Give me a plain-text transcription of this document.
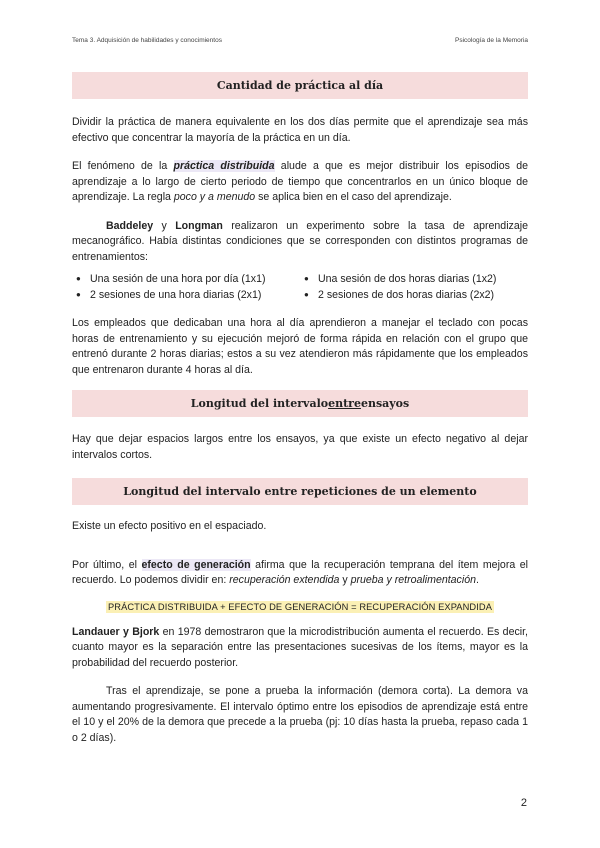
Tema 3. Adquisición de habilidades y conocimientos	Psicología de la Memoria
Cantidad de práctica al día

Dividir la práctica de manera equivalente en los dos días permite que el aprendizaje sea más efectivo que concentrar la mayoría de la práctica en un día.

El fenómeno de la práctica distribuida alude a que es mejor distribuir los episodios de aprendizaje a lo largo de cierto periodo de tiempo que concentrarlos en un único bloque de aprendizaje. La regla poco y a menudo se aplica bien en el caso del aprendizaje.

Baddeley y Longman realizaron un experimento sobre la tasa de aprendizaje mecanográfico. Había distintas condiciones que se corresponden con distintos programas de entrenamientos:

● Una sesión de una hora por día (1x1)	● Una sesión de dos horas diarias (1x2)
● 2 sesiones de una hora diarias (2x1)	● 2 sesiones de dos horas diarias (2x2)

Los empleados que dedicaban una hora al día aprendieron a manejar el teclado con pocas horas de entrenamiento y su ejecución mejoró de forma rápida en relación con el grupo que entrenó durante 2 horas diarias; estos a su vez atendieron más rápidamente que los empleados que entrenaron durante 4 horas al día.

Longitud del intervalo entre ensayos

Hay que dejar espacios largos entre los ensayos, ya que existe un efecto negativo al dejar intervalos cortos.

Longitud del intervalo entre repeticiones de un elemento

Existe un efecto positivo en el espaciado.

Por último, el efecto de generación afirma que la recuperación temprana del ítem mejora el recuerdo. Lo podemos dividir en: recuperación extendida y prueba y retroalimentación.

PRÁCTICA DISTRIBUIDA + EFECTO DE GENERACIÓN = RECUPERACIÓN EXPANDIDA

Landauer y Bjork en 1978 demostraron que la microdistribución aumenta el recuerdo. Es decir, cuanto mayor es la separación entre las presentaciones sucesivas de los ítems, mayor es la probabilidad del recuerdo posterior.

Tras el aprendizaje, se pone a prueba la información (demora corta). La demora va aumentando progresivamente. El intervalo óptimo entre los episodios de aprendizaje está entre el 10 y el 20% de la demora que precede a la prueba (pj: 10 días hasta la prueba, repaso cada 1 o 2 días).

2
